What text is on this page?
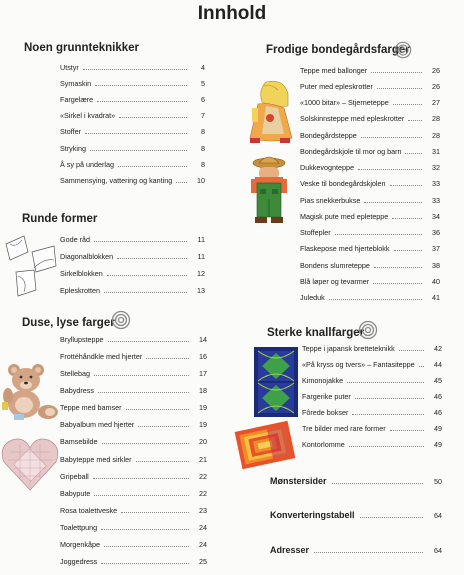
Innhold
Noen grunnteknikker
Utstyr	4
Symaskin	5
Fargelære	6
«Sirkel i kvadrat»	7
Stoffer	8
Stryking	8
Å sy på underlag	8
Sammensying, vattering og kanting	10
Runde former
Gode råd	11
Diagonalblokken	11
Sirkelblokken	12
Epleskrotten	13
Duse, lyse farger
Bryllupsteppe	14
Frottéhåndkle med hjerter	16
Stellebag	17
Babydress	18
Teppe med bamser	19
Babyalbum med hjerter	19
Bamsebilde	20
Babyteppe med sirkler	21
Gripeball	22
Babypute	22
Rosa toalettveske	23
Toalettpung	24
Morgenkåpe	24
Joggedress	25
Frodige bondegårdsfarger
Teppe med ballonger	26
Puter med epleskrotter	26
«1000 bitar» – Stjerneteppe	27
Solskinnsteppe med epleskrotter	28
Bondegårdsteppe	28
Bondegårdskjole til mor og barn	31
Dukkevognteppe	32
Veske til bondegårdskjolen	33
Pias snekkerbukse	33
Magisk pute med epleteppe	34
Stoffepler	36
Flaskepose med hjerteblokk	37
Bondens slumreteppe	38
Blå løper og tevarmer	40
Juleduk	41
Sterke knallfarger
Teppe i japansk bretteteknikk	42
«På kryss og tvers» – Fantasiteppe	44
Kimonojakke	45
Fargerike puter	46
Fôrede bokser	46
Tre bilder med rare former	49
Kontorlomme	49
Mønstersider	50
Konverteringstabell	64
Adresser	64
